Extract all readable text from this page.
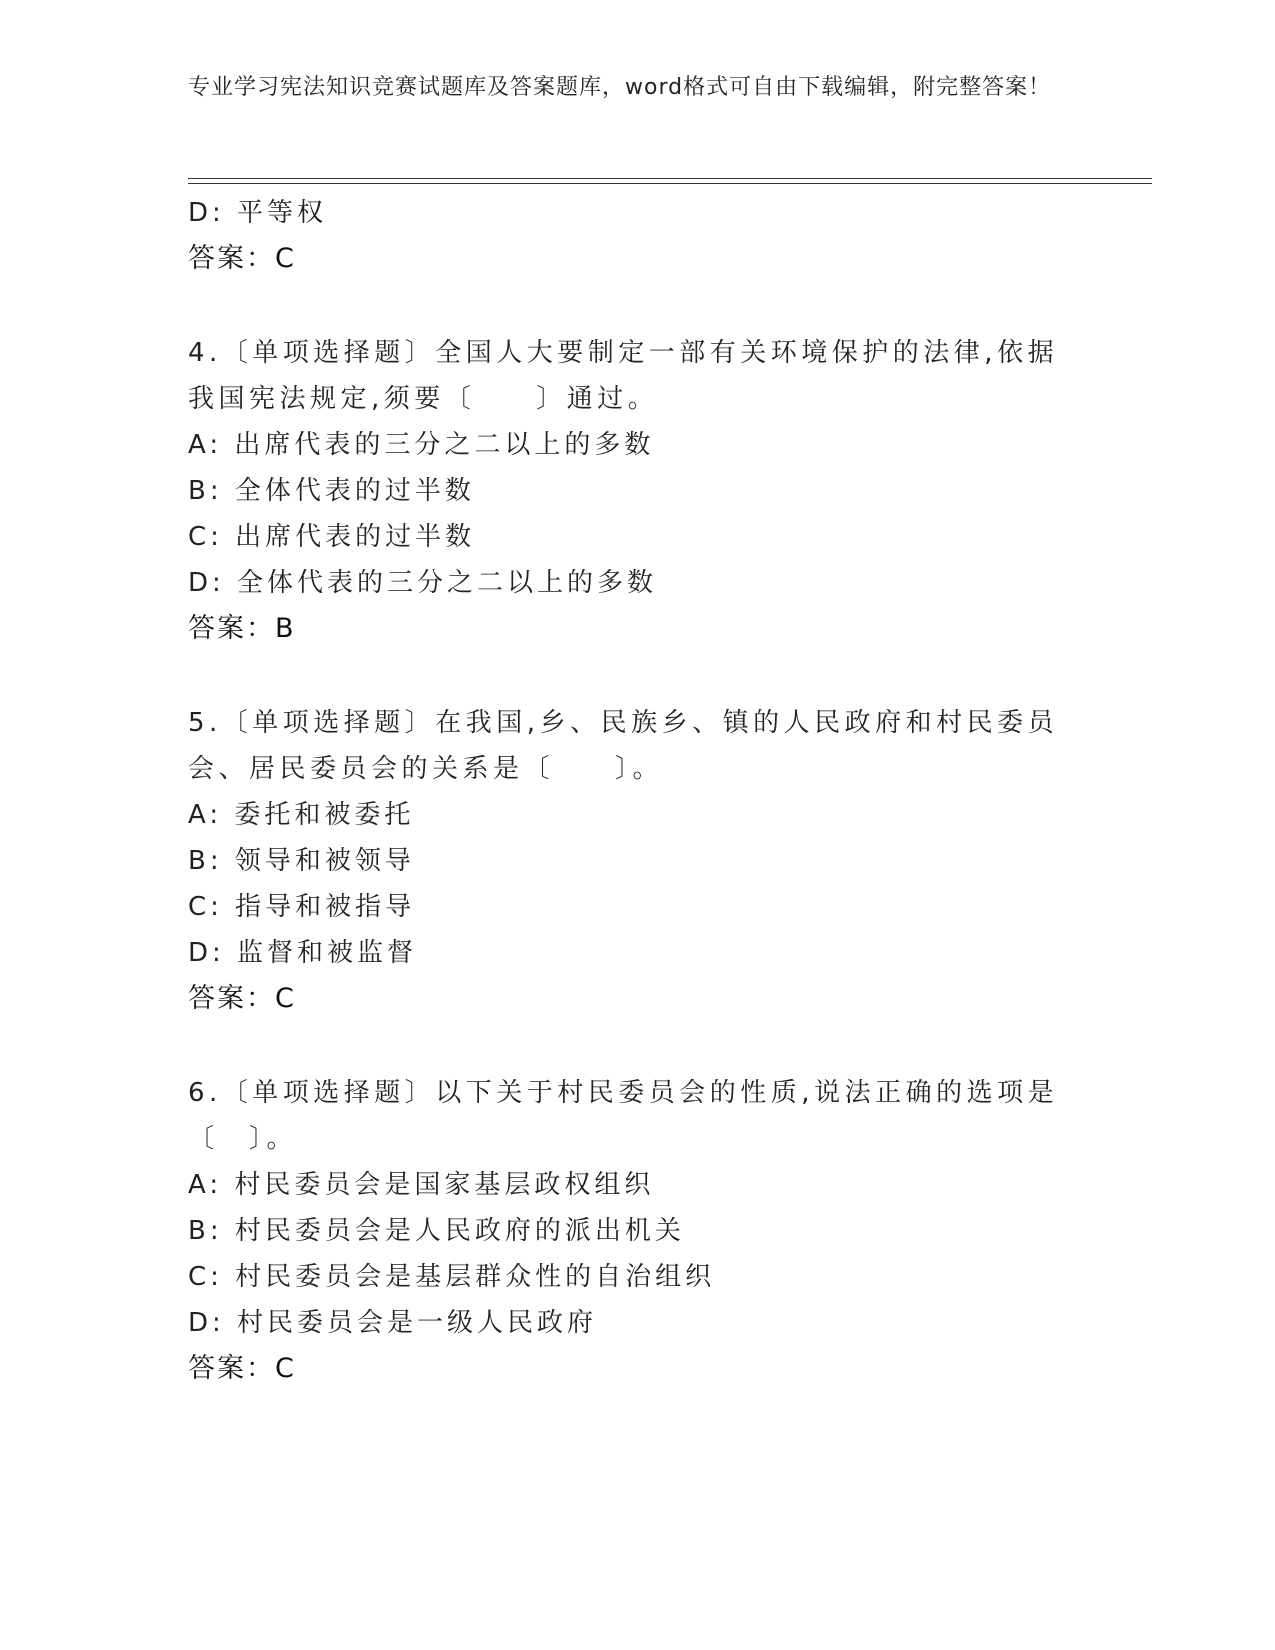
专业学习宪法知识竞赛试题库及答案题库，word格式可自由下载编辑，附完整答案！
D: 平等权
答案：C
4.〔单项选择题〕全国人大要制定一部有关环境保护的法律,依据我国宪法规定,须要〔　　〕通过。
A: 出席代表的三分之二以上的多数
B: 全体代表的过半数
C: 出席代表的过半数
D: 全体代表的三分之二以上的多数
答案：B
5.〔单项选择题〕在我国,乡、民族乡、镇的人民政府和村民委员会、居民委员会的关系是〔　　〕。
A: 委托和被委托
B: 领导和被领导
C: 指导和被指导
D: 监督和被监督
答案：C
6.〔单项选择题〕以下关于村民委员会的性质,说法正确的选项是〔　〕。
A: 村民委员会是国家基层政权组织
B: 村民委员会是人民政府的派出机关
C: 村民委员会是基层群众性的自治组织
D: 村民委员会是一级人民政府
答案：C
